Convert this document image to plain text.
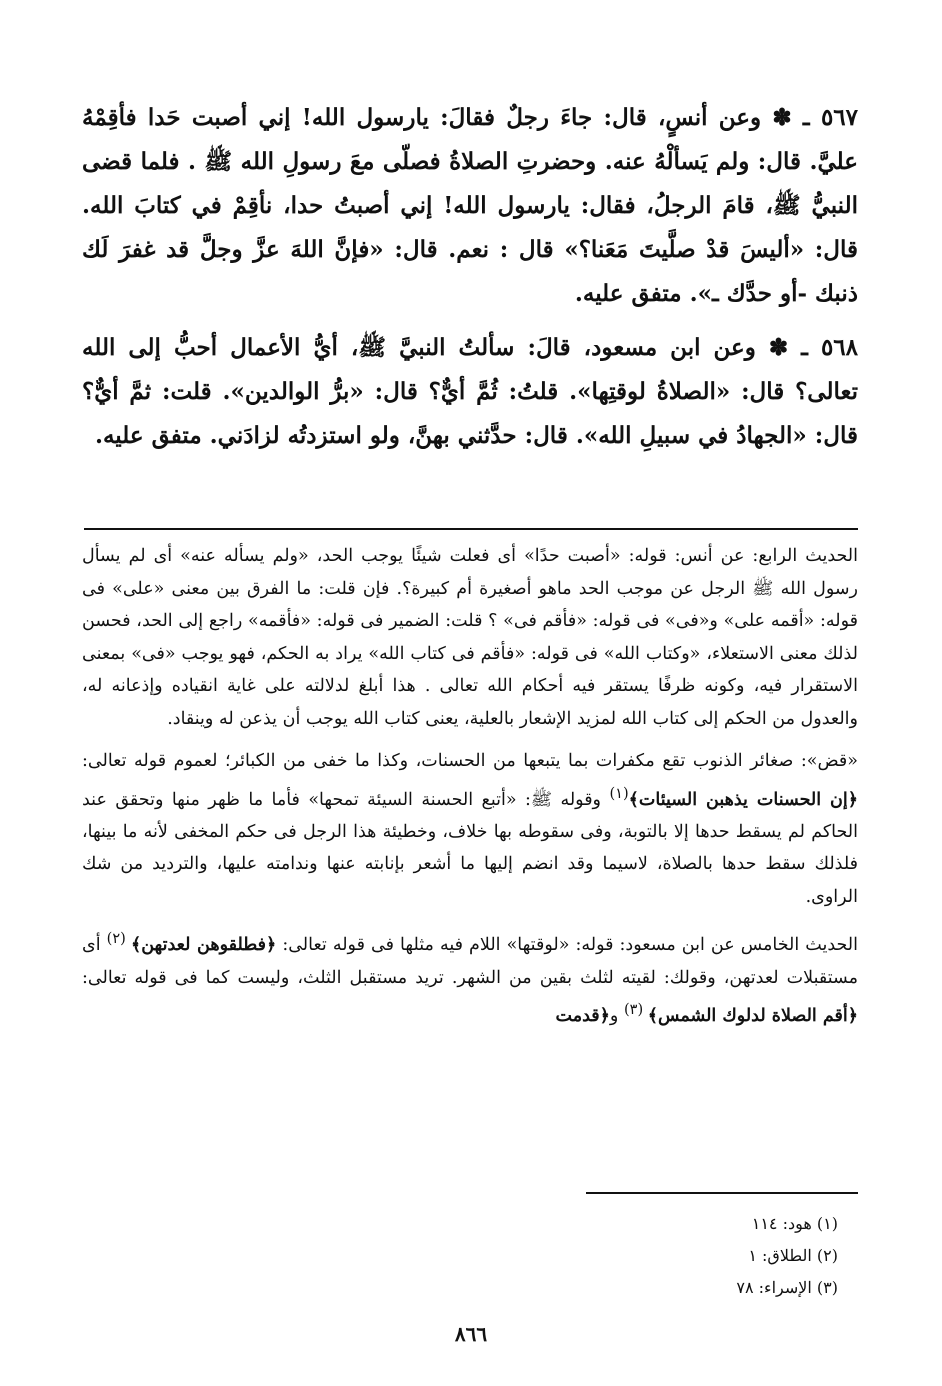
٥٦٧ ـ ✽ وعن أنسٍ، قال: جاءَ رجلٌ فقالَ: يارسول الله! إني أصبت حَدا فأقِمْهُ عليَّ. قال: ولم يَسألْهُ عنه. وحضرتِ الصلاةُ فصلّى معَ رسولِ الله ﷺ . فلما قضى النبيُّ ﷺ، قامَ الرجلُ، فقال: يارسول الله! إني أصبتُ حدا، نأقِمْ في كتابَ الله. قال: «أليسَ قدْ صلَّيتَ مَعَنا؟» قال : نعم. قال: «فإنَّ اللهَ عزَّ وجلَّ قد غفرَ لَك ذنبك -أو حدَّك ـ». متفق عليه.

٥٦٨ ـ ✽ وعن ابن مسعود، قالَ: سألتُ النبيَّ ﷺ، أيُّ الأعمال أحبُّ إلى الله تعالى؟ قال: «الصلاةُ لوقتِها». قلتُ: ثُمَّ أيٌّ؟ قال: «برُّ الوالدين». قلت: ثمَّ أيٌّ؟ قال: «الجهادُ في سبيلِ الله». قال: حدَّثني بهنَّ، ولو استزدتُه لزادَني. متفق عليه.

الحديث الرابع: عن أنس: قوله: «أصبت حدًا» أى فعلت شيئًا يوجب الحد، «ولم يسأله عنه» أى لم يسأل رسول الله ﷺ الرجل عن موجب الحد ماهو أصغيرة أم كبيرة؟. فإن قلت: ما الفرق بين معنى «على» فى قوله: «أقمه على» و«فى» فى قوله: «فأقم فى» ؟ قلت: الضمير فى قوله: «فأقمه» راجع إلى الحد، فحسن لذلك معنى الاستعلاء، «وكتاب الله» فى قوله: «فأقم فى كتاب الله» يراد به الحكم، فهو يوجب «فى» بمعنى الاستقرار فيه، وكونه ظرفًا يستقر فيه أحكام الله تعالى . هذا أبلغ لدلالته على غاية انقياده وإذعانه له، والعدول من الحكم إلى كتاب الله لمزيد الإشعار بالعلية، يعنى كتاب الله يوجب أن يذعن له وينقاد.

«قض»: صغائر الذنوب تقع مكفرات بما يتبعها من الحسنات، وكذا ما خفى من الكبائر؛ لعموم قوله تعالى: ﴿إن الحسنات يذهبن السيئات﴾$^{(١)}$ وقوله ﷺ: «أتبع الحسنة السيئة تمحها» فأما ما ظهر منها وتحقق عند الحاكم لم يسقط حدها إلا بالتوبة، وفى سقوطه بها خلاف، وخطيئة هذا الرجل فى حكم المخفى لأنه ما بينها، فلذلك سقط حدها بالصلاة، لاسيما وقد انضم إليها ما أشعر بإنابته عنها وندامته عليها، والترديد من شك الراوى.

الحديث الخامس عن ابن مسعود: قوله: «لوقتها» اللام فيه مثلها فى قوله تعالى: ﴿فطلقوهن لعدتهن﴾ $^{(٢)}$ أى مستقبلات لعدتهن، وقولك: لقيته لثلث بقين من الشهر. تريد مستقبل الثلث، وليست كما فى قوله تعالى: ﴿أقم الصلاة لدلوك الشمس﴾ $^{(٣)}$ و﴿قدمت

(١) هود: ١١٤
(٢) الطلاق: ١
(٣) الإسراء: ٧٨
٨٦٦
